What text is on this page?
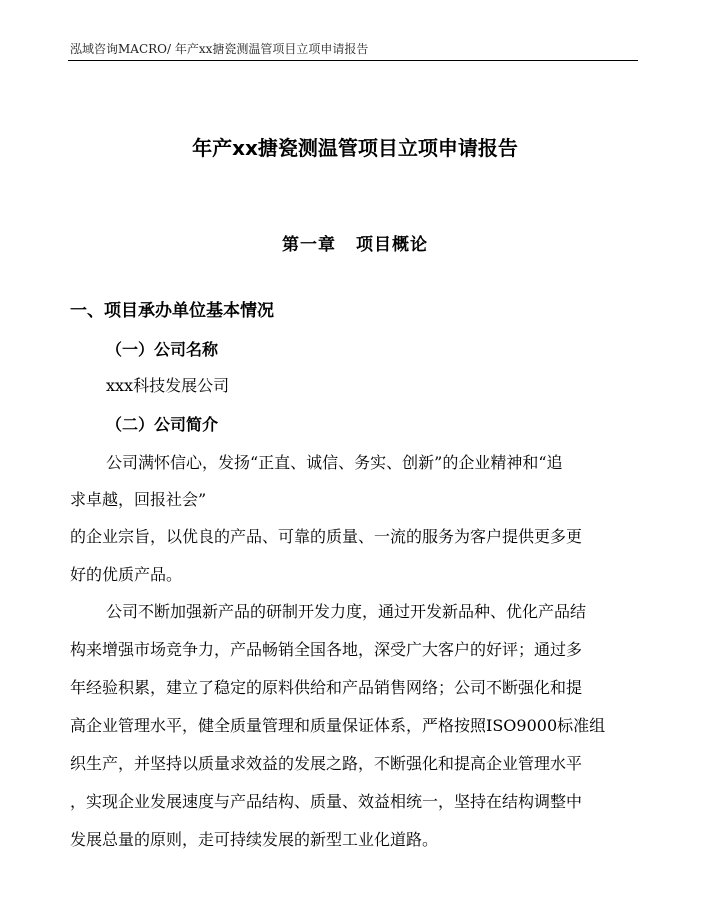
泓域咨询MACRO/ 年产xx搪瓷测温管项目立项申请报告
年产xx搪瓷测温管项目立项申请报告
第一章 项目概论
一、项目承办单位基本情况
（一）公司名称
xxx科技发展公司
（二）公司简介
公司满怀信心，发扬“正直、诚信、务实、创新”的企业精神和“追
求卓越，回报社会”
的企业宗旨，以优良的产品、可靠的质量、一流的服务为客户提供更多更
好的优质产品。
公司不断加强新产品的研制开发力度，通过开发新品种、优化产品结
构来增强市场竞争力，产品畅销全国各地，深受广大客户的好评；通过多
年经验积累，建立了稳定的原料供给和产品销售网络；公司不断强化和提
高企业管理水平，健全质量管理和质量保证体系，严格按照ISO9000标准组
织生产，并坚持以质量求效益的发展之路，不断强化和提高企业管理水平
，实现企业发展速度与产品结构、质量、效益相统一，坚持在结构调整中
发展总量的原则，走可持续发展的新型工业化道路。
